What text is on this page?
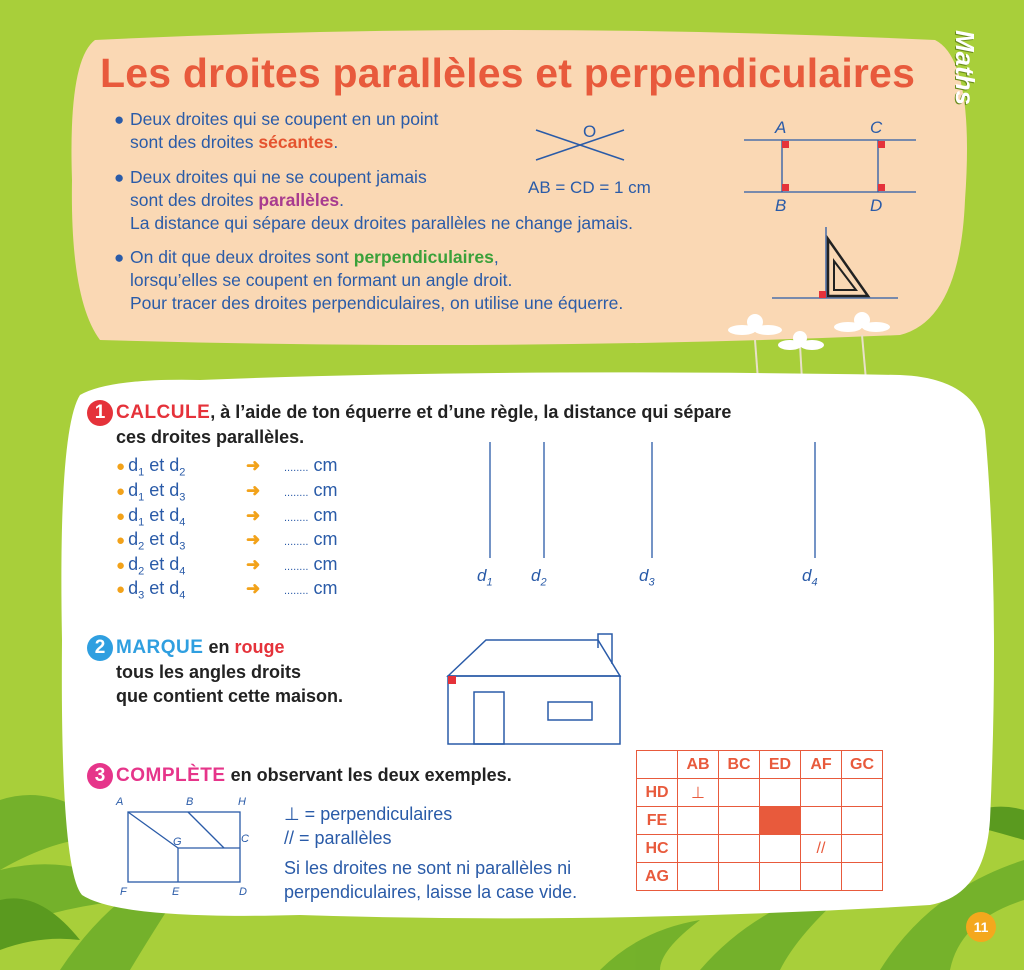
Maths
Les droites parallèles et perpendiculaires
● Deux droites qui se coupent en un point
sont des droites sécantes.
● Deux droites qui ne se coupent jamais
sont des droites parallèles.
La distance qui sépare deux droites parallèles ne change jamais.
● On dit que deux droites sont perpendiculaires,
lorsqu’elles se coupent en formant un angle droit.
Pour tracer des droites perpendiculaires, on utilise une équerre.
O
AB = CD = 1 cm
A	C
B	D
1 CALCULE, à l’aide de ton équerre et d’une règle, la distance qui sépare
ces droites parallèles.
● $d_1$ et $d_2$	➜ ........ cm
● $d_1$ et $d_3$	➜ ........ cm
● $d_1$ et $d_4$	➜ ........ cm
● $d_2$ et $d_3$	➜ ........ cm
● $d_2$ et $d_4$	➜ ........ cm
● $d_3$ et $d_4$	➜ ........ cm
$d_1$ $d_2$	$d_3$	$d_4$
2 MARQUE en rouge
tous les angles droits
que contient cette maison.
3 COMPLÈTE en observant les deux exemples.
A	B	H
G	C
F	E	D
⊥ = perpendiculaires
// = parallèles
Si les droites ne sont ni parallèles ni
perpendiculaires, laisse la case vide.
	AB	BC	ED	AF	GC
HD	⊥				
FE					
HC				//	
AG					
11
